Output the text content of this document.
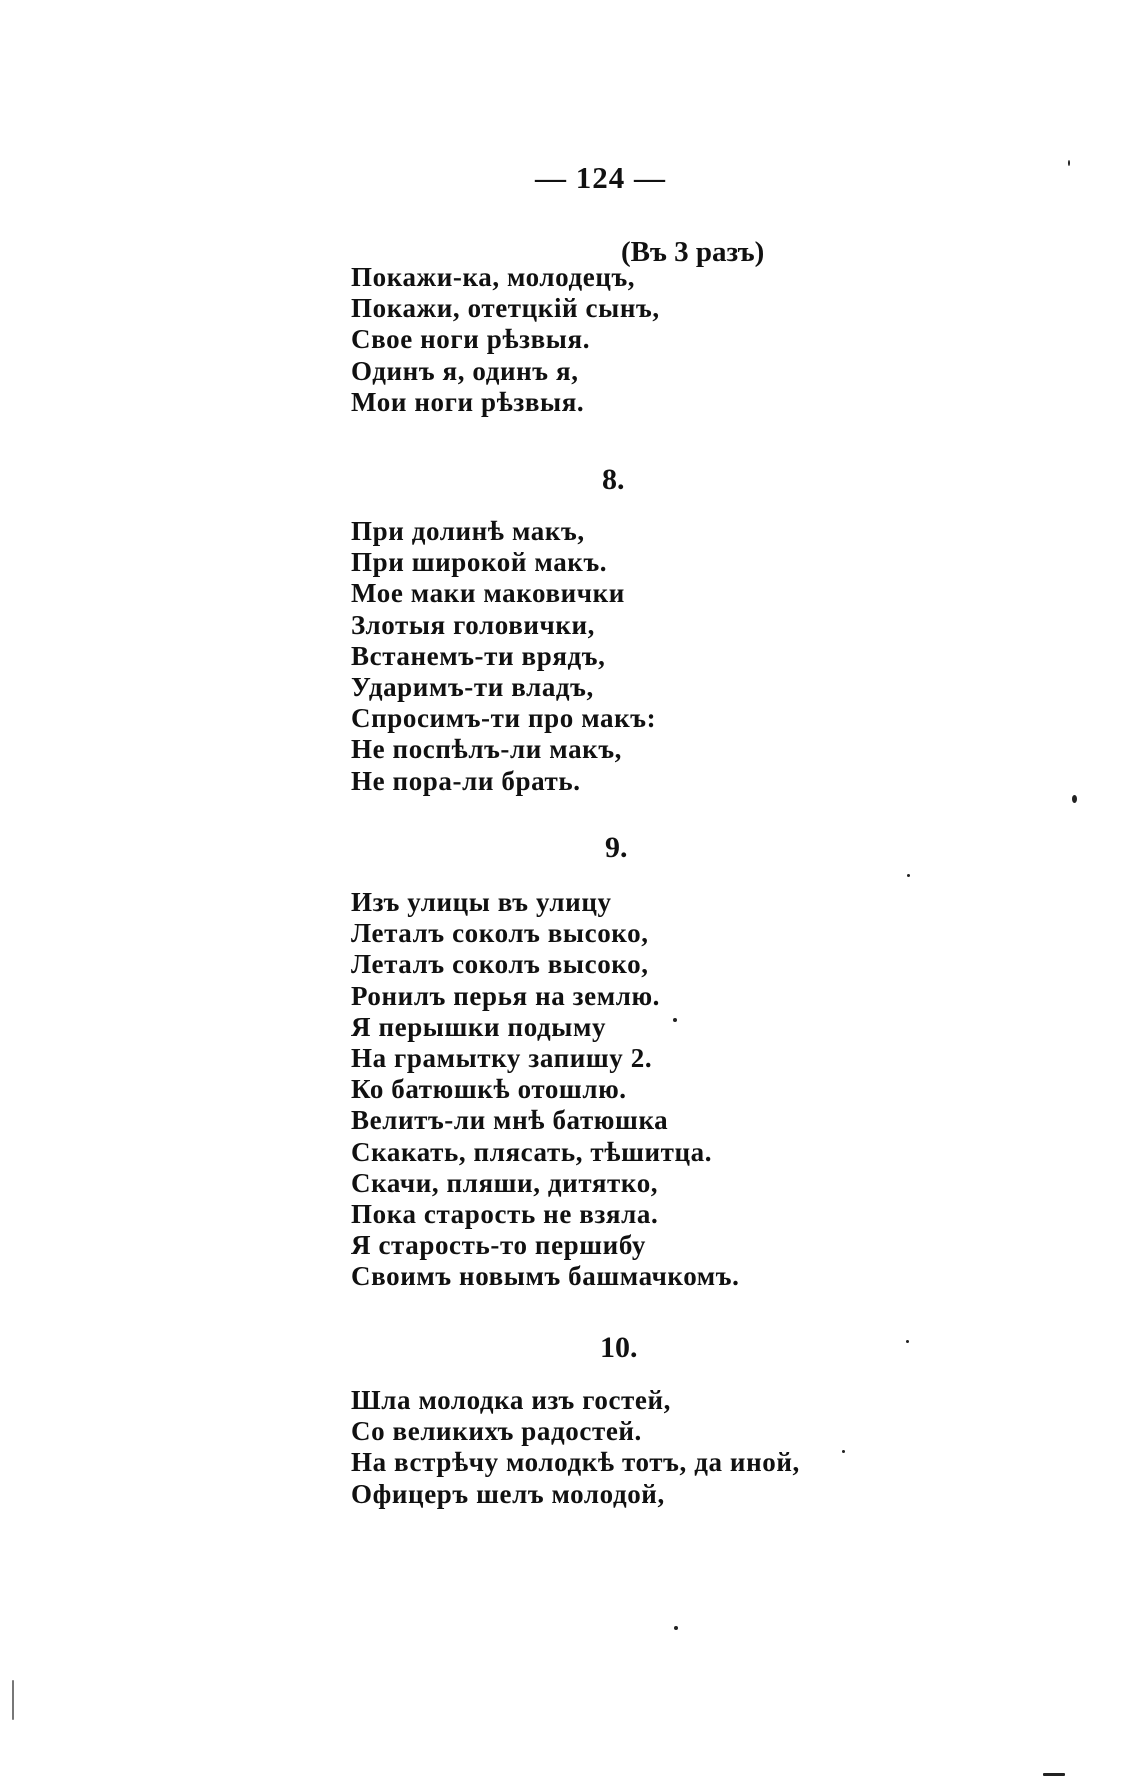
— 124 —
(Въ 3 разъ)
Покажи-ка, молодецъ,
Покажи, отетцкій сынъ,
Свое ноги рѣзвыя.
Одинъ я, одинъ я,
Мои ноги рѣзвыя.
8.
При долинѣ макъ,
При широкой макъ.
Мое маки маковички
Злотыя головички,
Встанемъ-ти врядъ,
Ударимъ-ти владъ,
Спросимъ-ти про макъ:
Не поспѣлъ-ли макъ,
Не пора-ли брать.
9.
Изъ улицы въ улицу
Леталъ соколъ высоко,
Леталъ соколъ высоко,
Ронилъ перья на землю.
Я перышки подыму
На грамытку запишу 2.
Ко батюшкѣ отошлю.
Велитъ-ли мнѣ батюшка
Скакать, плясать, тѣшитца.
Скачи, пляши, дитятко,
Пока старость не взяла.
Я старость-то першибу
Своимъ новымъ башмачкомъ.
10.
Шла молодка изъ гостей,
Со великихъ радостей.
На встрѣчу молодкѣ тотъ, да иной,
Офицеръ шелъ молодой,
